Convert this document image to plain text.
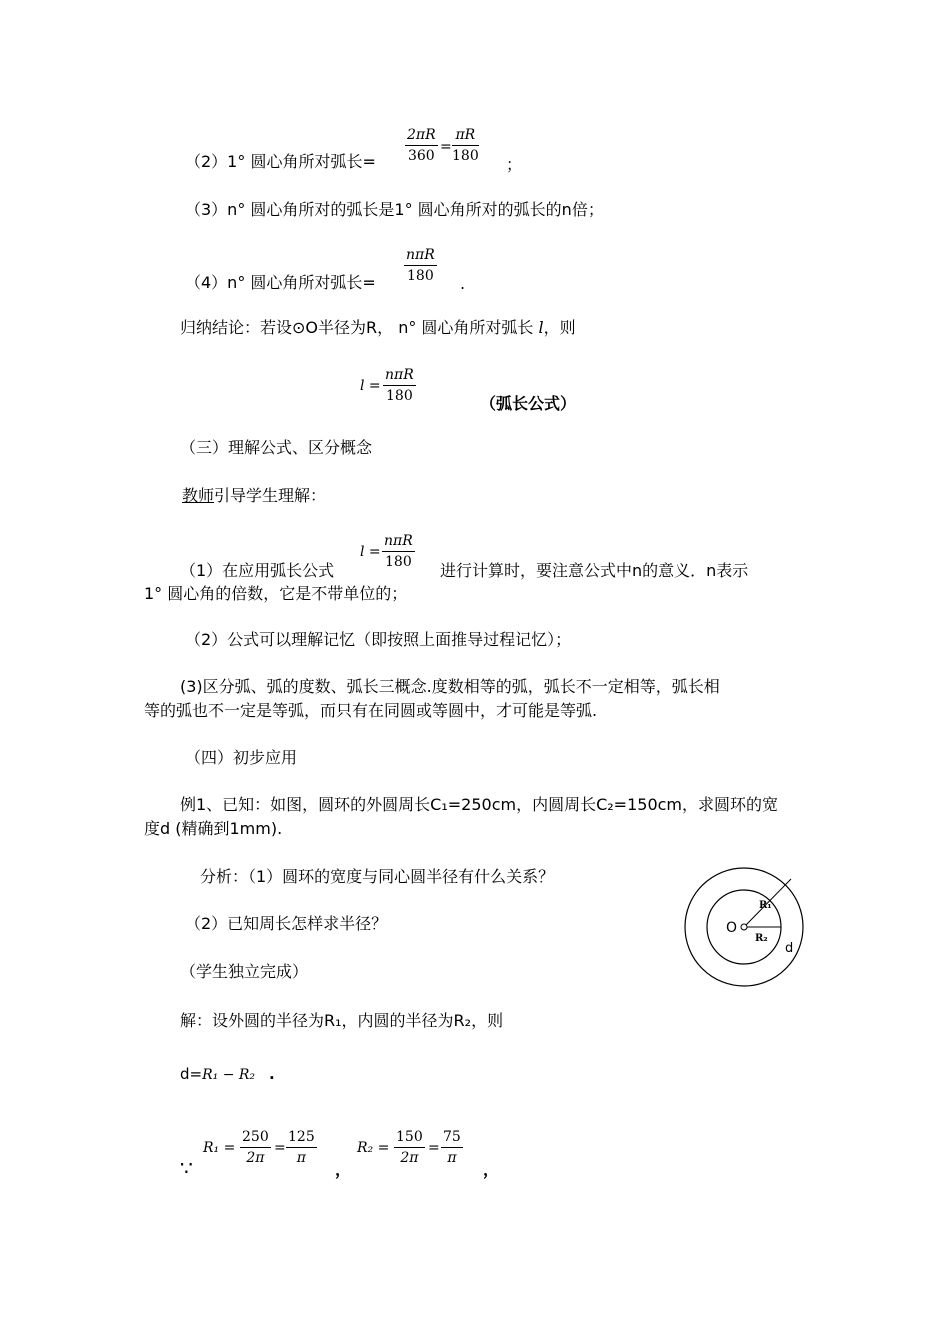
（2）1° 圆心角所对弧长=
2πR
360
=
πR
180 ；
（3）n° 圆心角所对的弧长是1° 圆心角所对的弧长的n倍；
（4）n° 圆心角所对弧长=
nπR
180 .
归纳结论：若设⊙O半径为R， n° 圆心角所对弧长 l，则
l =
nπR
180	（弧长公式）
（三）理解公式、区分概念
教师引导学生理解：
（1）在应用弧长公式
l =
nπR
180 进行计算时，要注意公式中n的意义．n表示
1° 圆心角的倍数，它是不带单位的；
（2）公式可以理解记忆（即按照上面推导过程记忆）；
(3)区分弧、弧的度数、弧长三概念.度数相等的弧，弧长不一定相等，弧长相
等的弧也不一定是等弧，而只有在同圆或等圆中，才可能是等弧.
（四）初步应用
例1、已知：如图，圆环的外圆周长C₁=250cm，内圆周长C₂=150cm，求圆环的宽
度d (精确到1mm).
分析：（1）圆环的宽度与同心圆半径有什么关系？
（2）已知周长怎样求半径？
（学生独立完成）
解：设外圆的半径为R₁，内圆的半径为R₂，则
d=R₁ − R₂ .
∵
R₁ =
250
2π
=
125
π
，
R₂ =
150
2π
=
75
π
，
O
R₁
R₂
d
